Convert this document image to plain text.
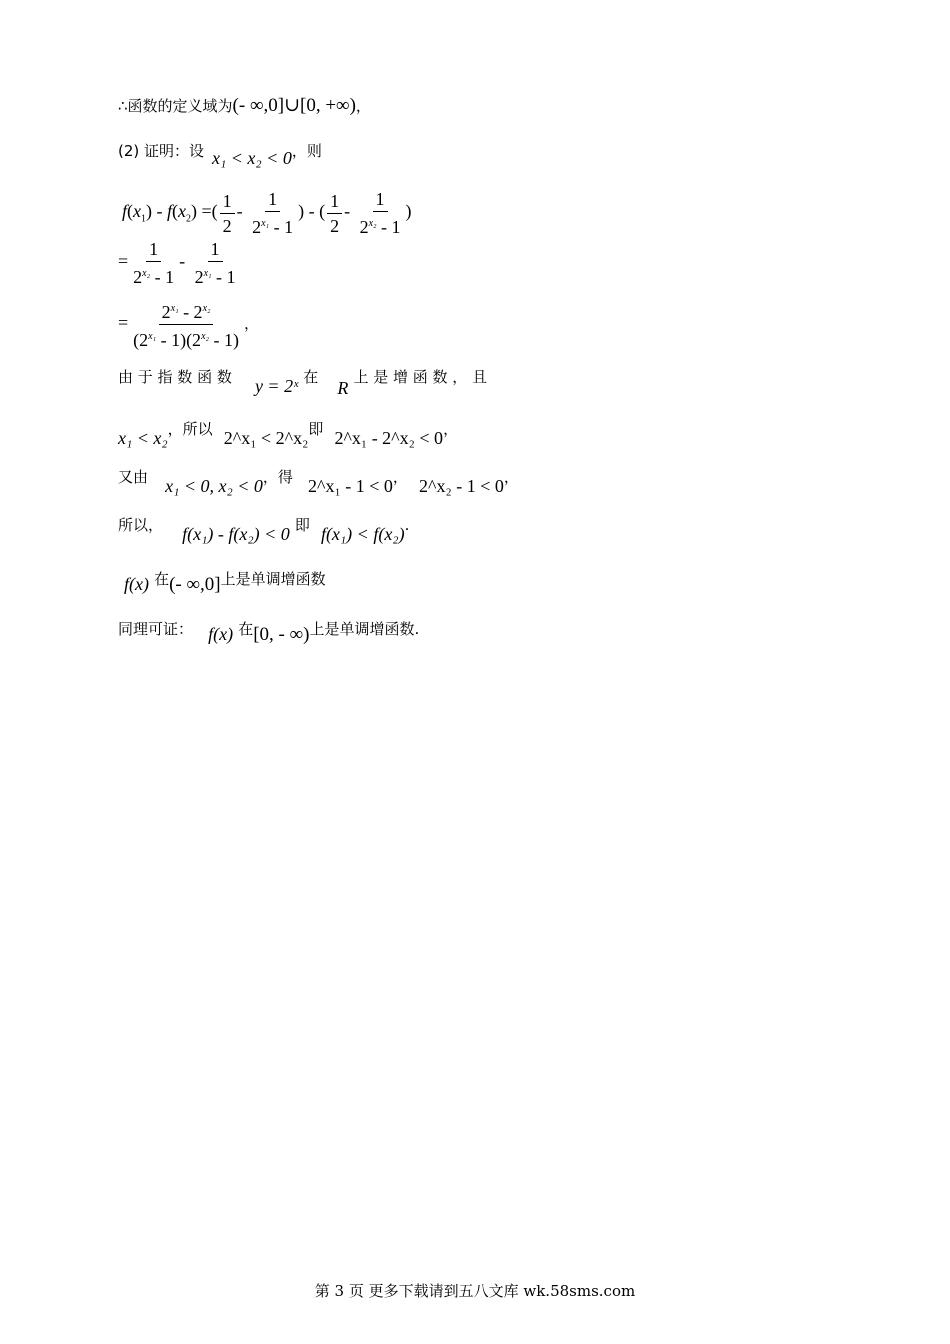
∴函数的定义域为(- ∞,0]∪[0, +∞)，
(2) 证明：设 x₁ < x₂ < 0，则
$f(x_1) - f(x_2)$ =( $\frac{1}{2} - \frac{1}{2^{x_1} - 1}$ ) - ( $\frac{1}{2} - \frac{1}{2^{x_2} - 1}$ )
= $\frac{1}{2^{x_2} - 1} - \frac{1}{2^{x_1} - 1}$
= $\frac{2^{x_1} - 2^{x_2}}{(2^{x_1} - 1)(2^{x_2} - 1)}$ ，
由 于 指 数 函 数 y = 2ˣ 在 R 上 是 增 函 数 ， 且
x₁ < x₂，所以 2^x₁ < 2^x₂即 2^x₁ - 2^x₂ < 0，
又由 x₁ < 0, x₂ < 0，得 2^x₁ - 1 < 0， 2^x₂ - 1 < 0，
所以， f(x₁) - f(x₂) < 0 即 f(x₁) < f(x₂).
f(x) 在(- ∞,0]上是单调增函数
同理可证： f(x) 在[0, - ∞)上是单调增函数.
第 3 页 更多下载请到五八文库 wk.58sms.com
